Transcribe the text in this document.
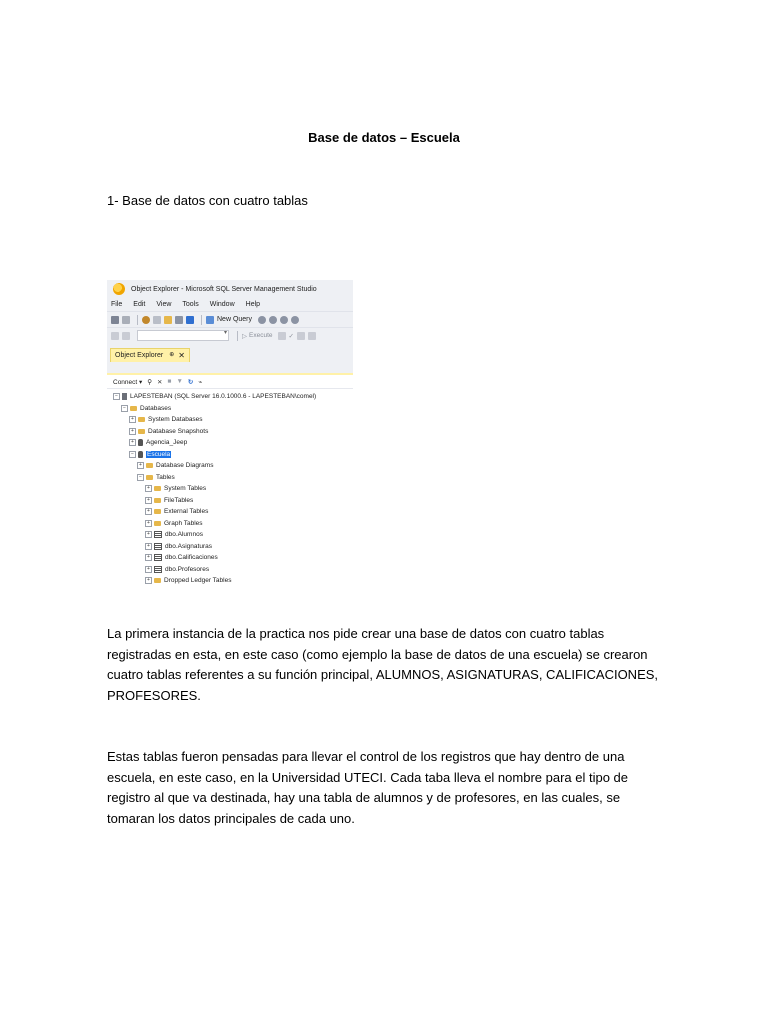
Base de datos – Escuela
1- Base de datos con cuatro tablas
Object Explorer - Microsoft SQL Server Management Studio
File Edit View Tools Window Help
New Query
▾
▷ Execute ✓
Object Explorer ⊕ ✕
Connect ▾ ⚲ ⨯ ■ ▼ ↻ ⌁
−	LAPESTEBAN (SQL Server 16.0.1000.6 - LAPESTEBAN\comel)
−	Databases
+	System Databases
+	Database Snapshots
+	Agencia_Jeep
−	Escuela
+	Database Diagrams
−	Tables
+	System Tables
+	FileTables
+	External Tables
+	Graph Tables
+	dbo.Alumnos
+	dbo.Asignaturas
+	dbo.Calificaciones
+	dbo.Profesores
+	Dropped Ledger Tables
La primera instancia de la practica nos pide crear una base de datos con cuatro tablas registradas en esta, en este caso (como ejemplo la base de datos de una escuela) se crearon cuatro tablas referentes a su función principal, ALUMNOS, ASIGNATURAS, CALIFICACIONES, PROFESORES.
Estas tablas fueron pensadas para llevar el control de los registros que hay dentro de una escuela, en este caso, en la Universidad UTECI. Cada taba lleva el nombre para el tipo de registro al que va destinada, hay una tabla de alumnos y de profesores, en las cuales, se tomaran los datos principales de cada uno.
